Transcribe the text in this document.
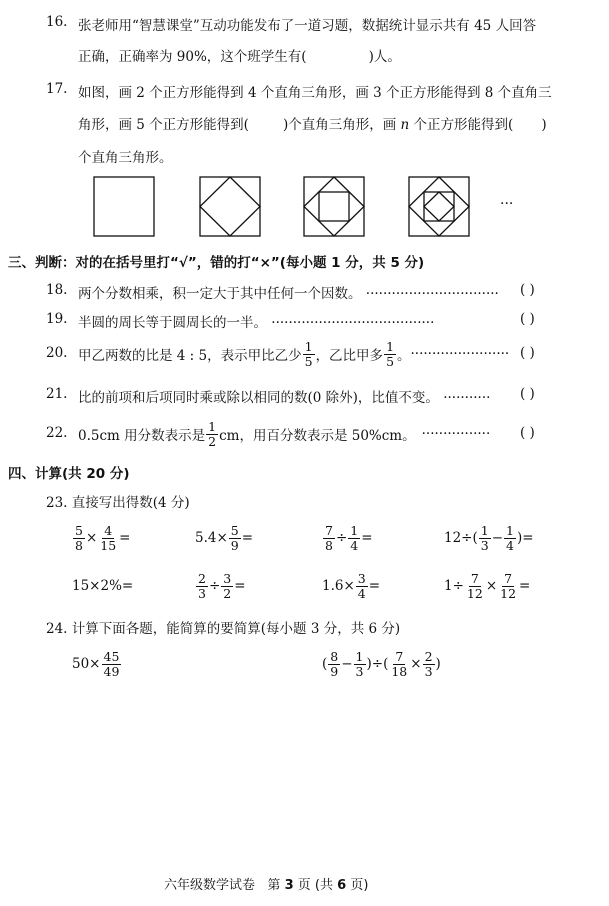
16. 张老师用“智慧课堂”互动功能发布了一道习题，数据统计显示共有 45 人回答
正确，正确率为 90%，这个班学生有(	)人。
17. 如图，画 2 个正方形能得到 4 个直角三角形，画 3 个正方形能得到 8 个直角三
角形，画 5 个正方形能得到(	)个直角三角形，画 n 个正方形能得到( )
个直角三角形。
···
三、判断：对的在括号里打“√”，错的打“×”(每小题 1 分，共 5 分)
18. 两个分数相乘，积一定大于其中任何一个因数。 ······························· ( )
19. 半圆的周长等于圆周长的一半。 ······································	( )
20. 甲乙两数的比是 4 : 5，表示甲比乙少 $\frac{1}{5}$ ，乙比甲多 $\frac{1}{5}$ 。 ······················· ( )
21. 比的前项和后项同时乘或除以相同的数(0 除外)，比值不变。 ··········· ( )
22. 0.5cm 用分数表示是 $\frac{1}{2}$ cm，用百分数表示是 50%cm。 ················ ( )
四、计算(共 20 分)
23. 直接写出得数(4 分)
$\frac{5}{8} \times \frac{4}{15}$ =	$5.4\times \frac{5}{9}$ =	$\frac{7}{8} \div \frac{1}{4}$ =	$12\div( \frac{1}{3} - \frac{1}{4}$ )=
15×2%=	$\frac{2}{3} \div \frac{3}{2}$ =	$1.6\times \frac{3}{4}$ =	$1\div \frac{7}{12} \times \frac{7}{12}$ =
24. 计算下面各题，能简算的要简算(每小题 3 分，共 6 分)
$50\times \frac{45}{49}$	( $\frac{8}{9} - \frac{1}{3}$ )÷( $\frac{7}{18} \times \frac{2}{3}$ )
六年级数学试卷 第 3 页 (共 6 页)
